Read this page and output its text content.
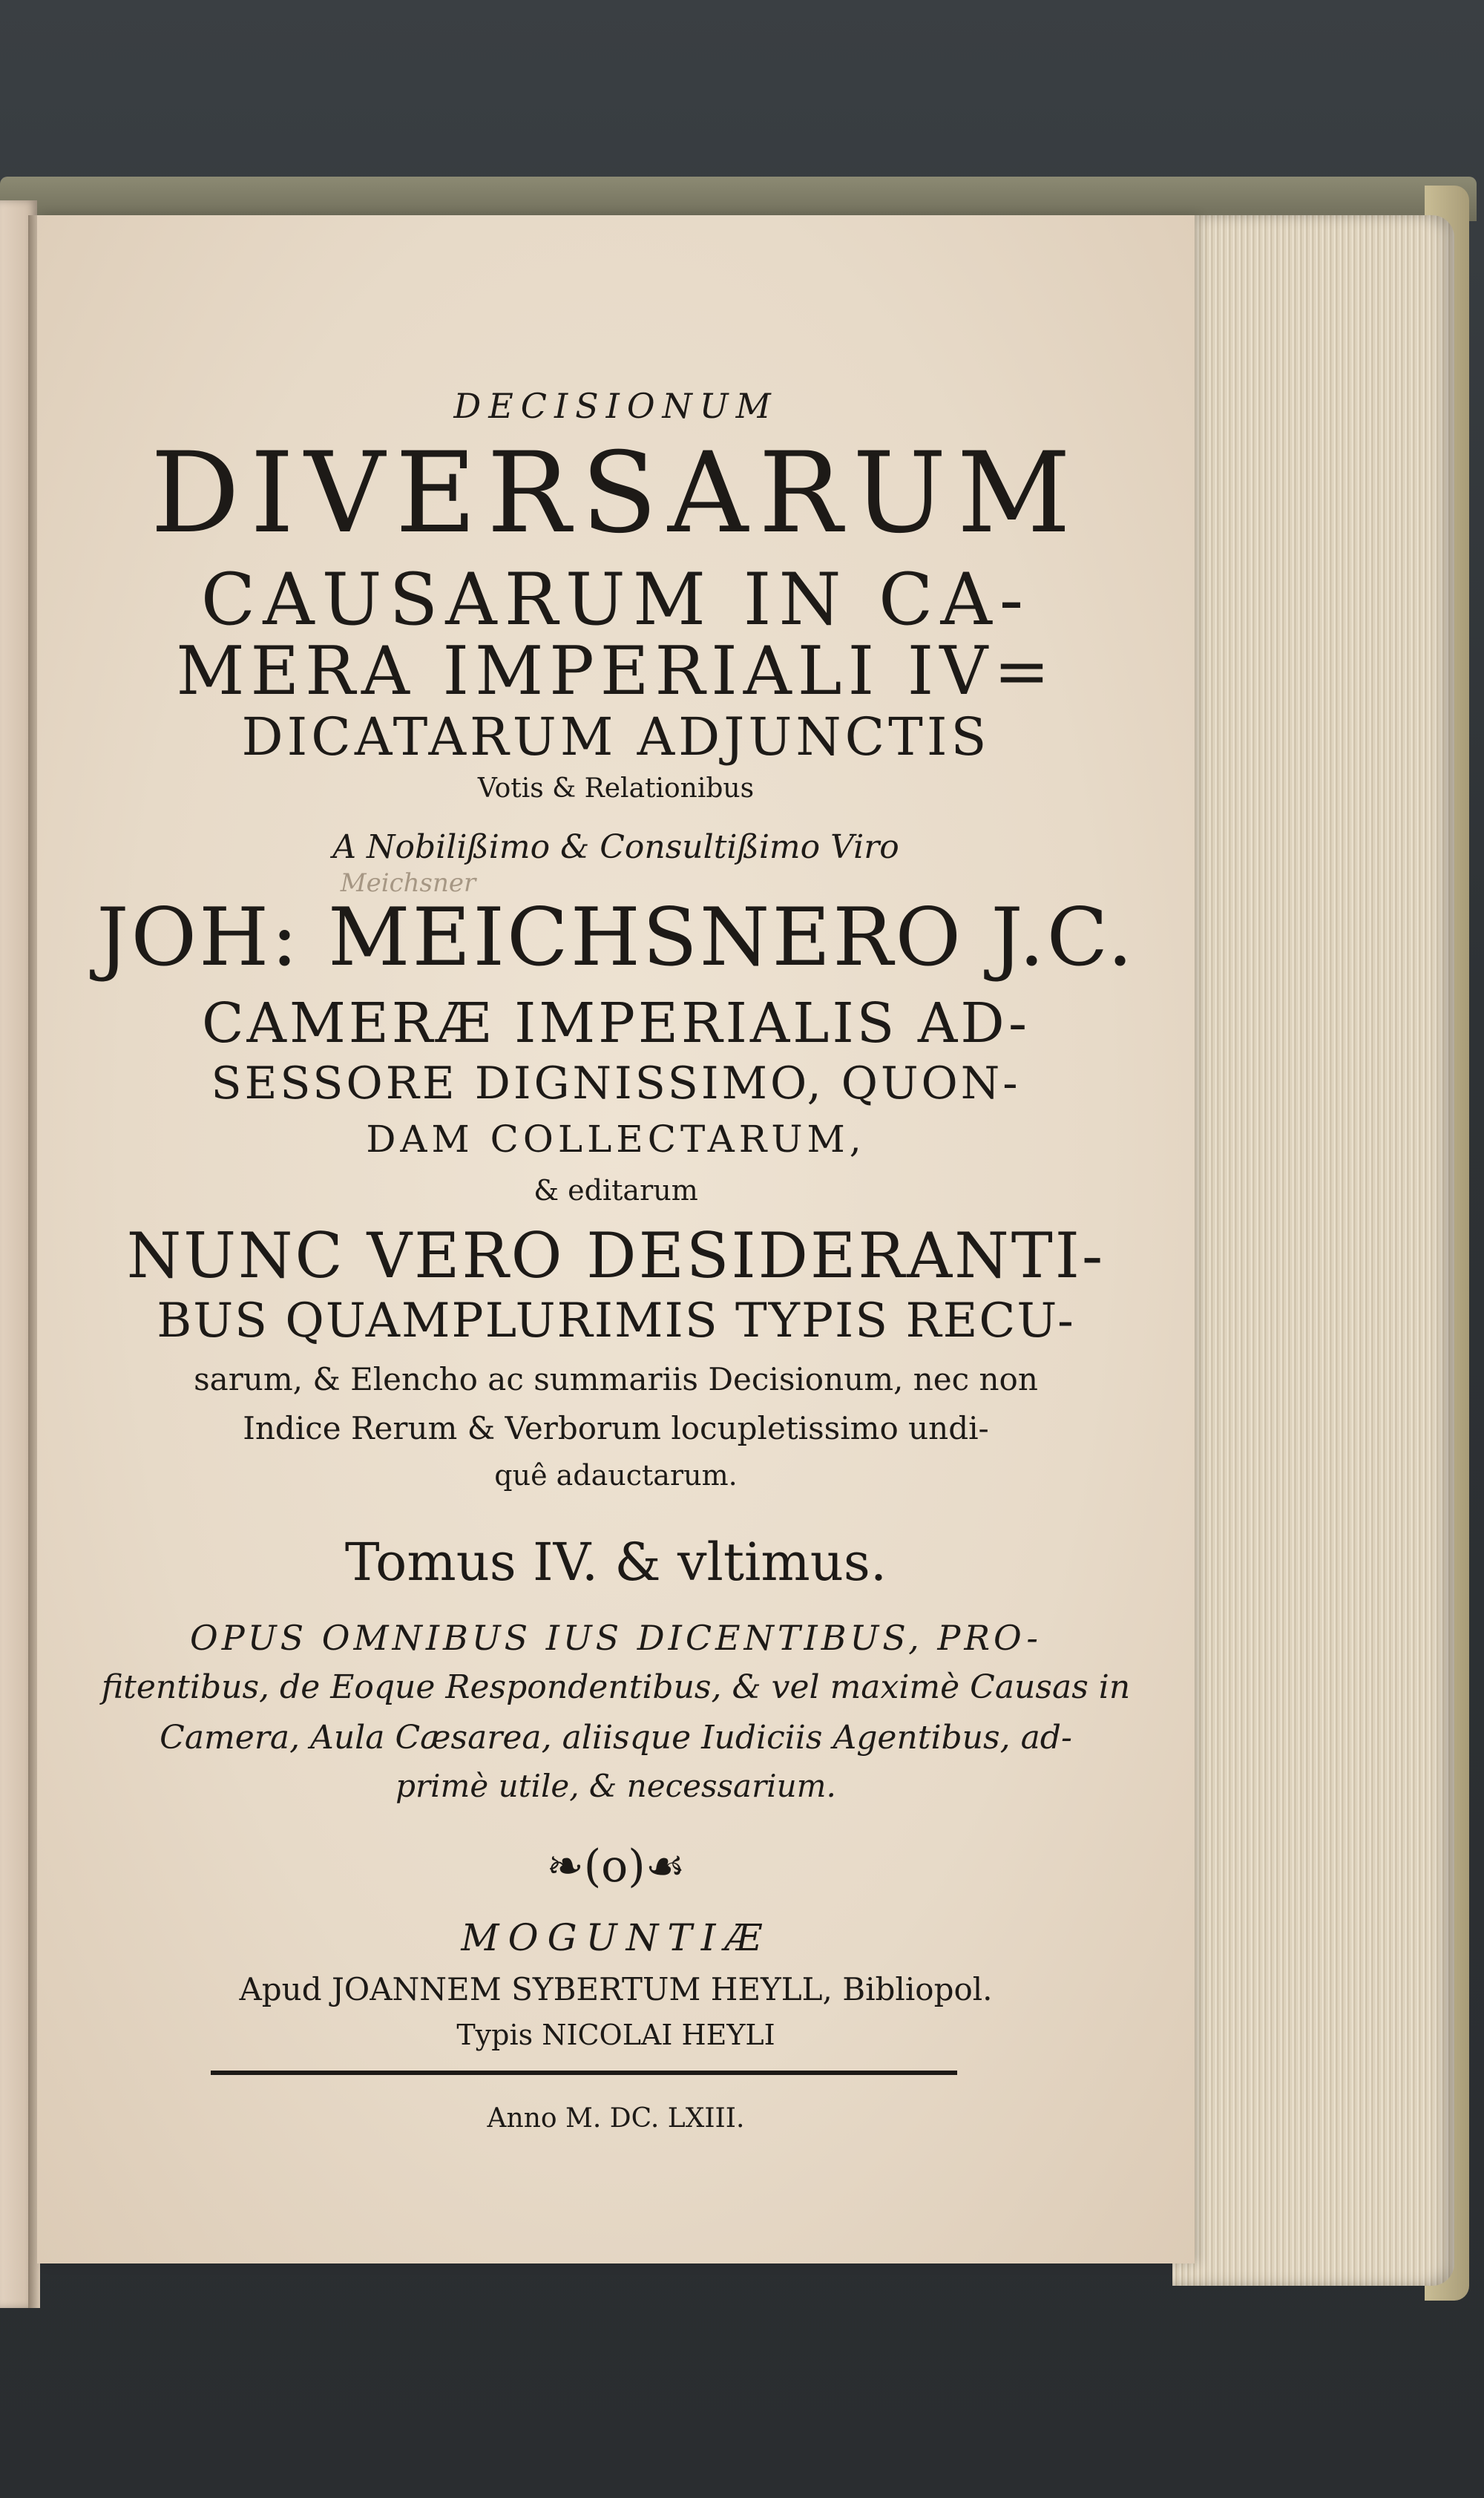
DECISIONUM

DIVERSARUM

CAUSARUM IN CA-

MERA IMPERIALI IV=

DICATARUM ADJUNCTIS

Votis & Relationibus

A Nobilißimo & Consultißimo Viro

Meichsner

JOH: MEICHSNERO J.C.

CAMERÆ IMPERIALIS AD-

SESSORE DIGNISSIMO, QUON-

DAM COLLECTARUM,

& editarum

NUNC VERO DESIDERANTI-

BUS QUAMPLURIMIS TYPIS RECU-

sarum, & Elencho ac summariis Decisionum, nec non

Indice Rerum & Verborum locupletissimo undi-

quê adauctarum.

Tomus IV. & vltimus.

OPUS OMNIBUS IUS DICENTIBUS, PRO-

fitentibus, de Eoque Respondentibus, & vel maximè Causas in

Camera, Aula Cæsarea, aliisque Iudiciis Agentibus, ad-

primè utile, & necessarium.

❧(o)☙

MOGUNTIÆ

Apud JOANNEM SYBERTUM HEYLL, Bibliopol.

Typis NICOLAI HEYLI

Anno M. DC. LXIII.
